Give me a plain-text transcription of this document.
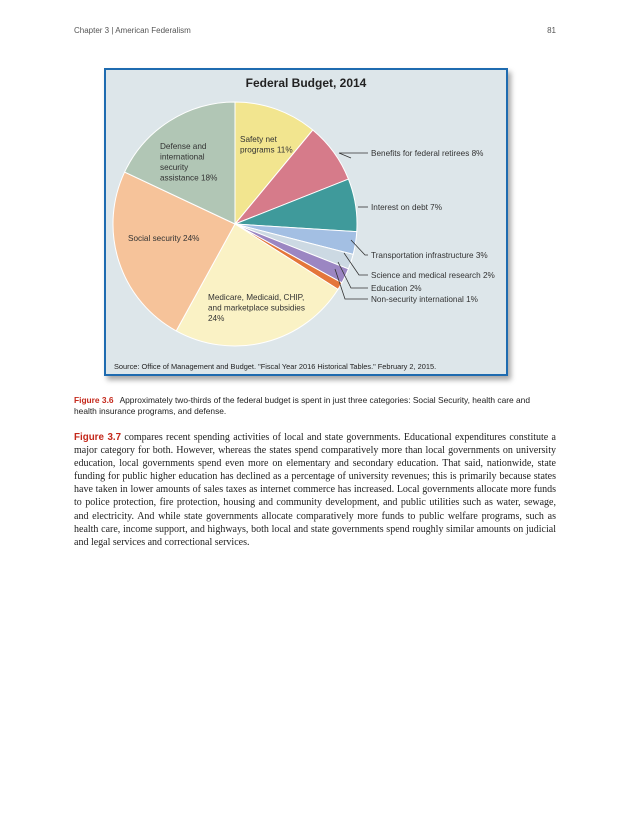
Chapter 3 | American Federalism	81
Federal Budget, 2014
Safety net programs 11%	Benefits for federal retirees 8%
Interest on debt 7%
Transportation infrastructure 3%
Science and medical research 2%
Education 2%
Non-security international 1%
Medicare, Medicaid, CHIP, and marketplace subsidies 24%
Social security 24%
Defense and international security assistance 18%
Source: Office of Management and Budget. "Fiscal Year 2016 Historical Tables." February 2, 2015.
Figure 3.6 Approximately two-thirds of the federal budget is spent in just three categories: Social Security, health care and health insurance programs, and defense.
Figure 3.7 compares recent spending activities of local and state governments. Educational expenditures constitute a major category for both. However, whereas the states spend comparatively more than local governments on university education, local governments spend even more on elementary and secondary education. That said, nationwide, state funding for public higher education has declined as a percentage of university revenues; this is primarily because states have taken in lower amounts of sales taxes as internet commerce has increased. Local governments allocate more funds to police protection, fire protection, housing and community development, and public utilities such as water, sewage, and electricity. And while state governments allocate comparatively more funds to public welfare programs, such as health care, income support, and highways, both local and state governments spend roughly similar amounts on judicial and legal services and correctional services.
